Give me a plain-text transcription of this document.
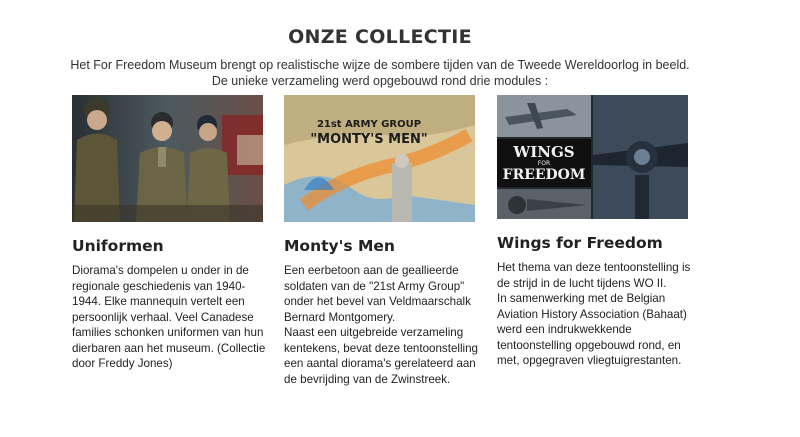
ONZE COLLECTIE
Het For Freedom Museum brengt op realistische wijze de sombere tijden van de Tweede Wereldoorlog in beeld.
De unieke verzameling werd opgebouwd rond drie modules :
Uniformen

Diorama's dompelen u onder in de regionale geschiedenis van 1940-1944. Elke mannequin vertelt een persoonlijk verhaal. Veel Canadese families schonken uniformen van hun dierbaren aan het museum. (Collectie door Freddy Jones)

21st ARMY GROUP
"MONTY'S MEN"
Monty's Men

Een eerbetoon aan de geallieerde soldaten van de "21st Army Group" onder het bevel van Veldmaarschalk Bernard Montgomery.

Naast een uitgebreide verzameling kentekens, bevat deze tentoonstelling een aantal diorama's gerelateerd aan de bevrijding van de Zwinstreek.

WINGS
FOR
FREEDOM
Wings for Freedom

Het thema van deze tentoonstelling is de strijd in de lucht tijdens WO II.

In samenwerking met de Belgian Aviation History Association (Bahaat) werd een indrukwekkende tentoonstelling opgebouwd rond, en met, opgegraven vliegtuigrestanten.
